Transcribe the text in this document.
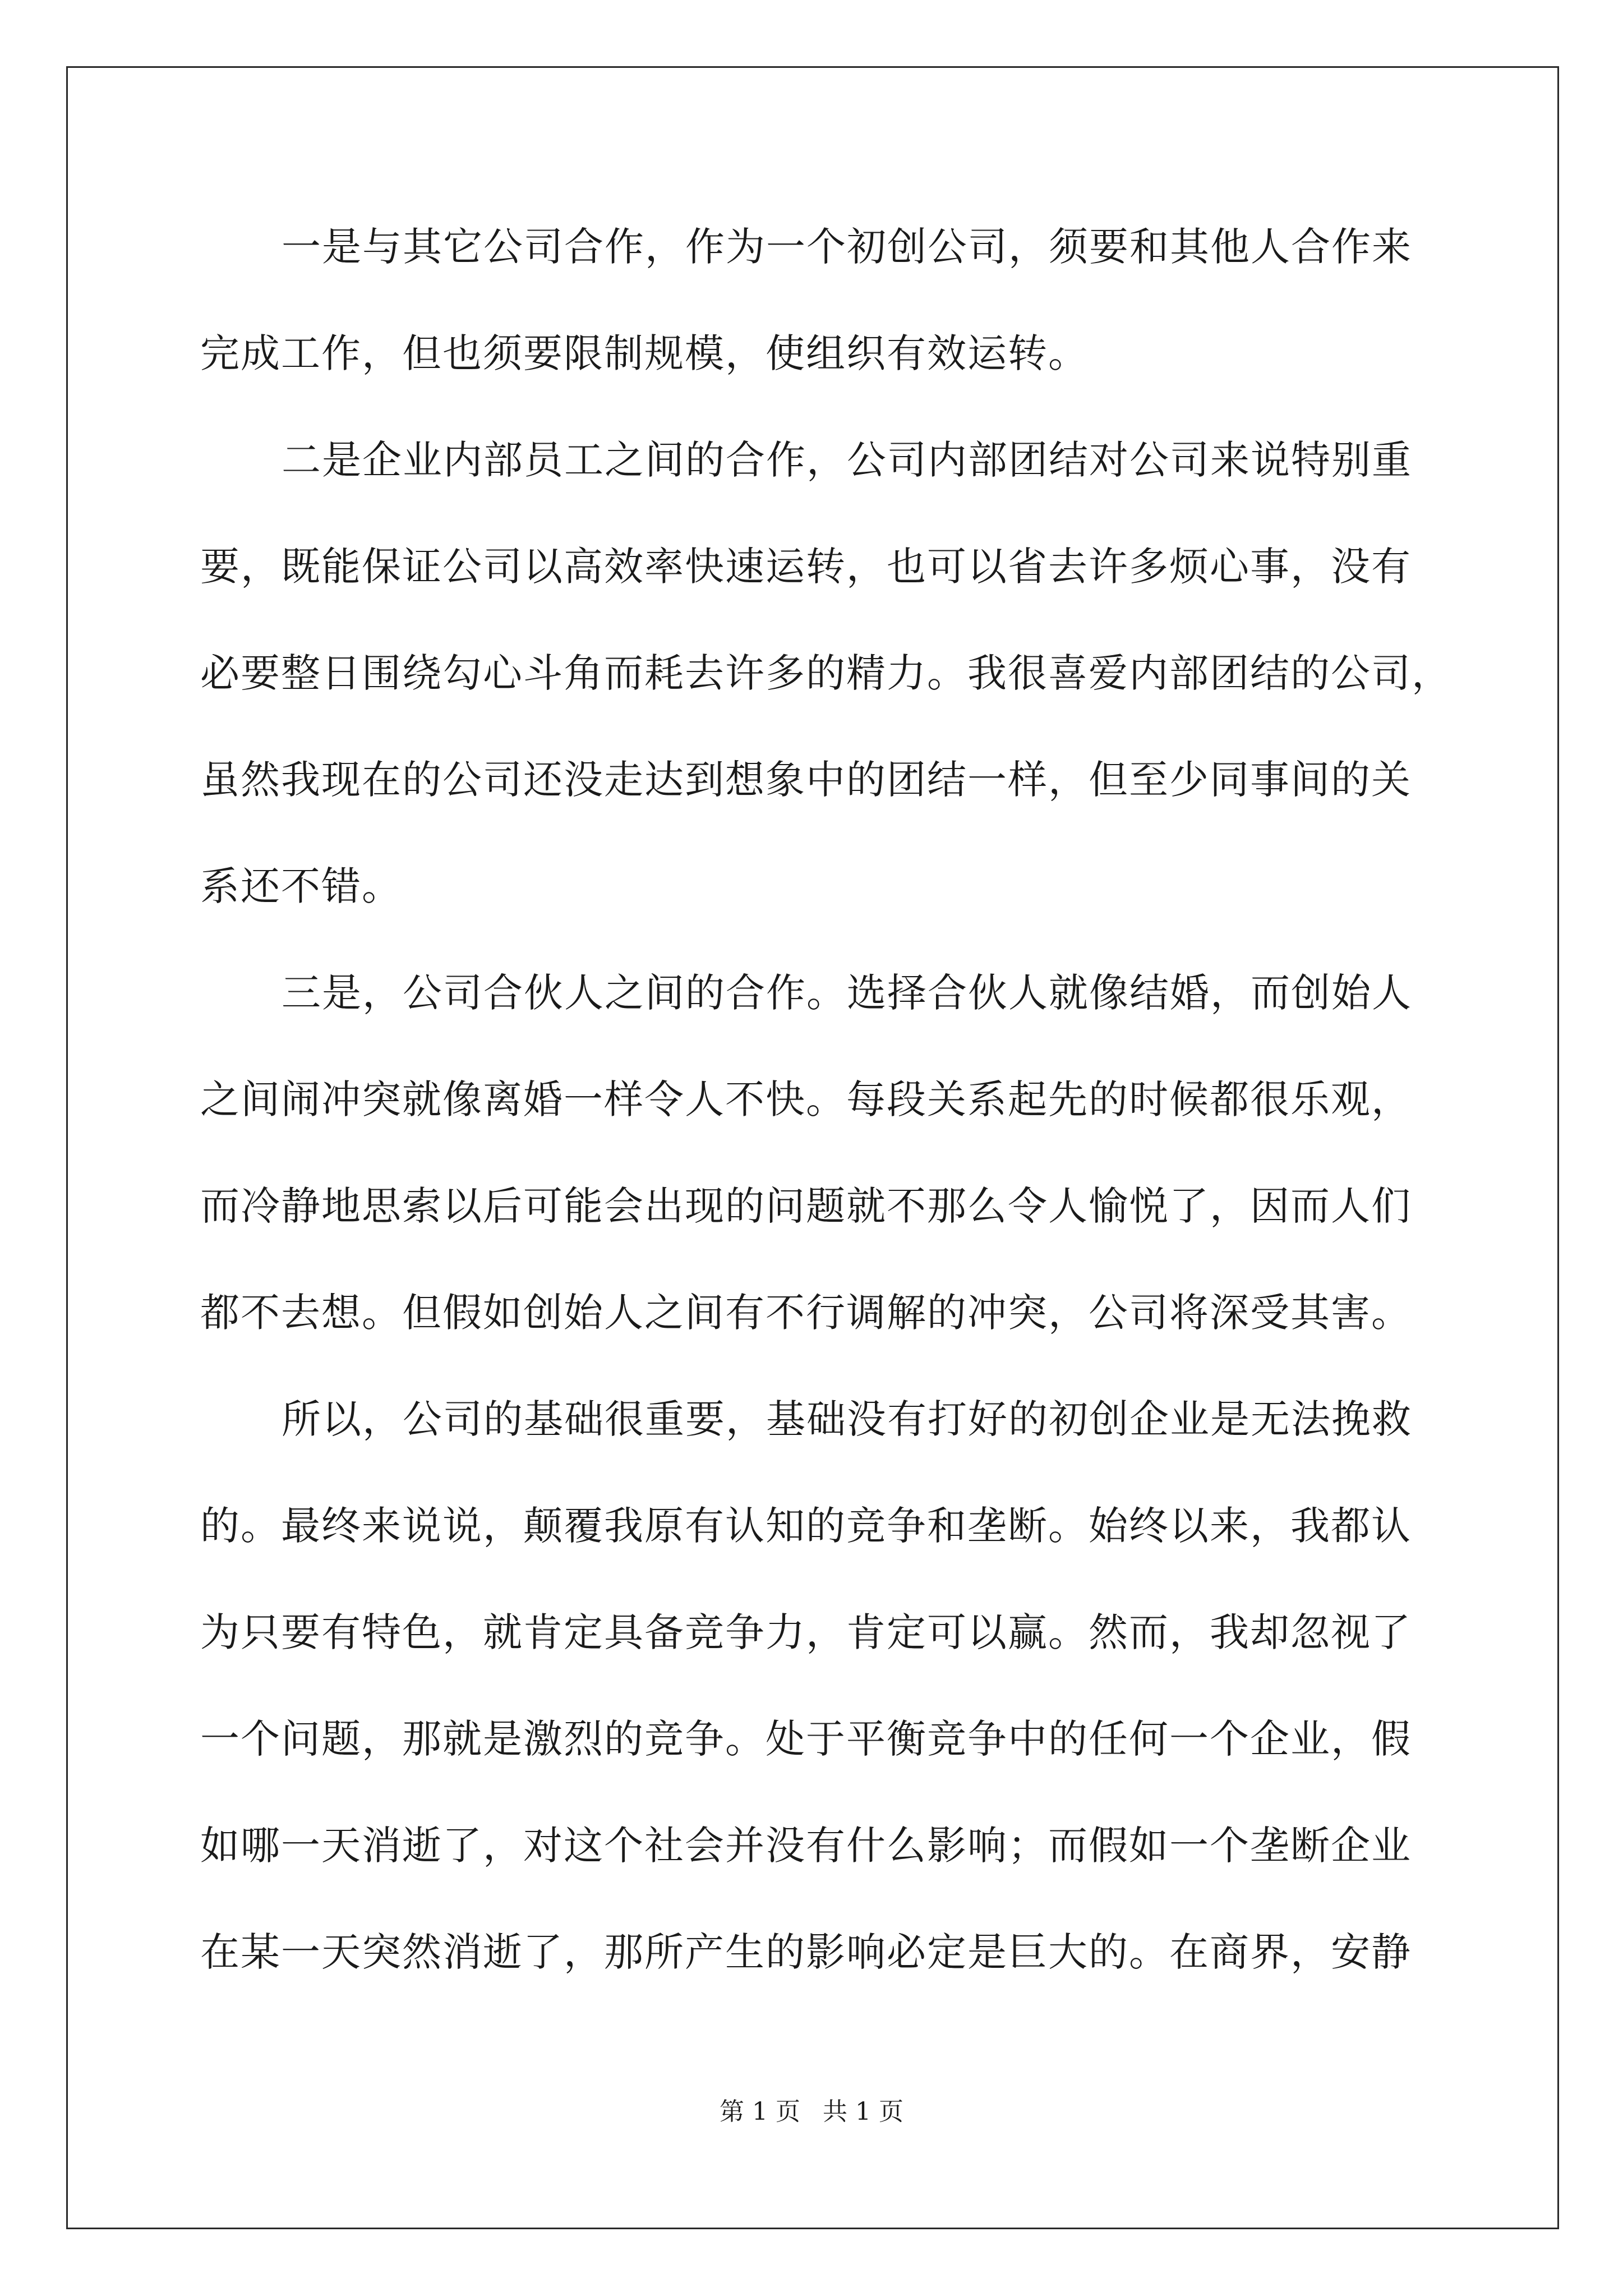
一是与其它公司合作，作为一个初创公司，须要和其他人合作来
完成工作，但也须要限制规模，使组织有效运转。
二是企业内部员工之间的合作，公司内部团结对公司来说特别重
要，既能保证公司以高效率快速运转，也可以省去许多烦心事，没有
必要整日围绕勾心斗角而耗去许多的精力。我很喜爱内部团结的公司，
虽然我现在的公司还没走达到想象中的团结一样，但至少同事间的关
系还不错。
三是，公司合伙人之间的合作。选择合伙人就像结婚，而创始人
之间闹冲突就像离婚一样令人不快。每段关系起先的时候都很乐观，
而冷静地思索以后可能会出现的问题就不那么令人愉悦了，因而人们
都不去想。但假如创始人之间有不行调解的冲突，公司将深受其害。
所以，公司的基础很重要，基础没有打好的初创企业是无法挽救
的。最终来说说，颠覆我原有认知的竞争和垄断。始终以来，我都认
为只要有特色，就肯定具备竞争力，肯定可以赢。然而，我却忽视了
一个问题，那就是激烈的竞争。处于平衡竞争中的任何一个企业，假
如哪一天消逝了，对这个社会并没有什么影响；而假如一个垄断企业
在某一天突然消逝了，那所产生的影响必定是巨大的。在商界，安静
第 1 页 共 1 页
